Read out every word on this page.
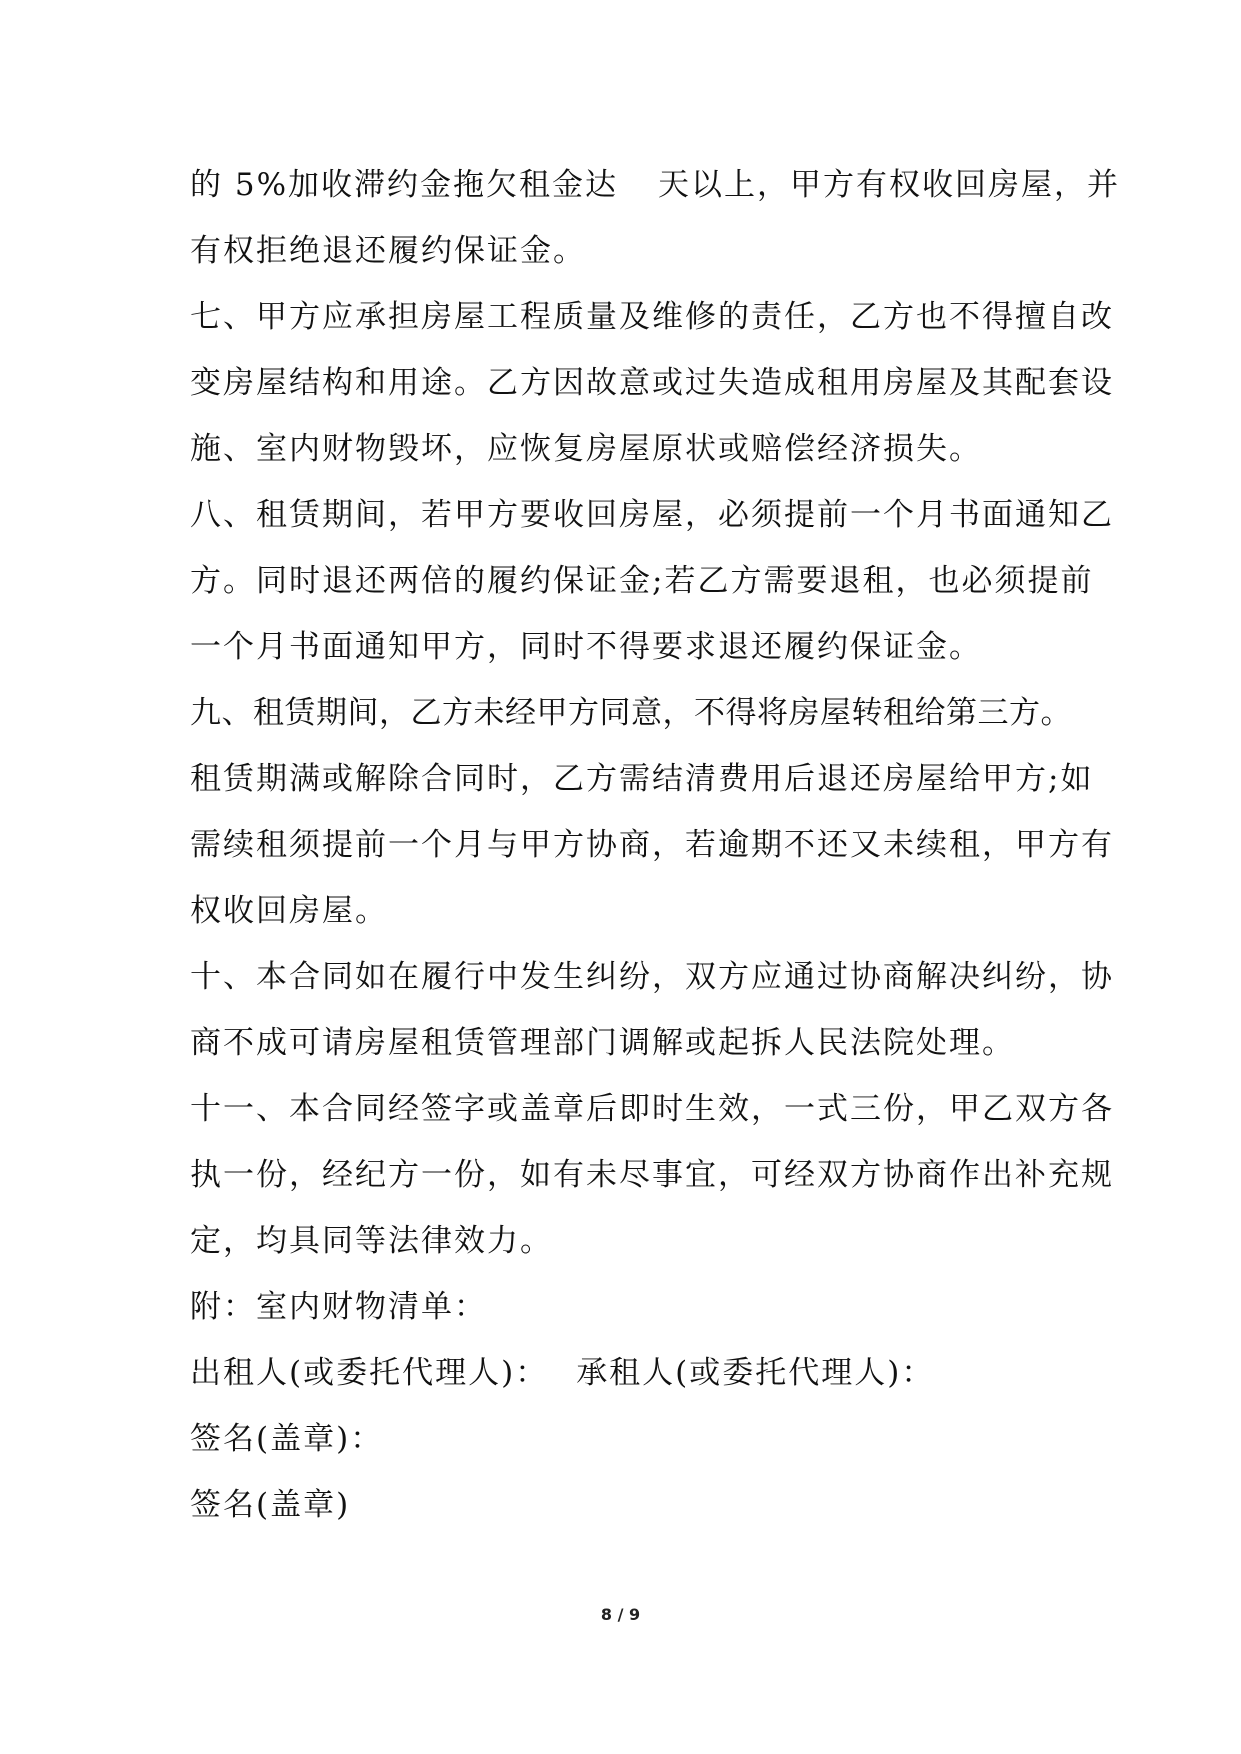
的 5%加收滞约金拖欠租金达 天以上，甲方有权收回房屋，并
有权拒绝退还履约保证金。
七、甲方应承担房屋工程质量及维修的责任，乙方也不得擅自改
变房屋结构和用途。乙方因故意或过失造成租用房屋及其配套设
施、室内财物毁坏，应恢复房屋原状或赔偿经济损失。
八、租赁期间，若甲方要收回房屋，必须提前一个月书面通知乙
方。同时退还两倍的履约保证金;若乙方需要退租，也必须提前
一个月书面通知甲方，同时不得要求退还履约保证金。
九、租赁期间，乙方未经甲方同意，不得将房屋转租给第三方。
租赁期满或解除合同时，乙方需结清费用后退还房屋给甲方;如
需续租须提前一个月与甲方协商，若逾期不还又未续租，甲方有
权收回房屋。
十、本合同如在履行中发生纠纷，双方应通过协商解决纠纷，协
商不成可请房屋租赁管理部门调解或起拆人民法院处理。
十一、本合同经签字或盖章后即时生效，一式三份，甲乙双方各
执一份，经纪方一份，如有未尽事宜，可经双方协商作出补充规
定，均具同等法律效力。
附：室内财物清单：
出租人(或委托代理人)： 承租人(或委托代理人)：
签名(盖章)：
签名(盖章)
8 / 9
